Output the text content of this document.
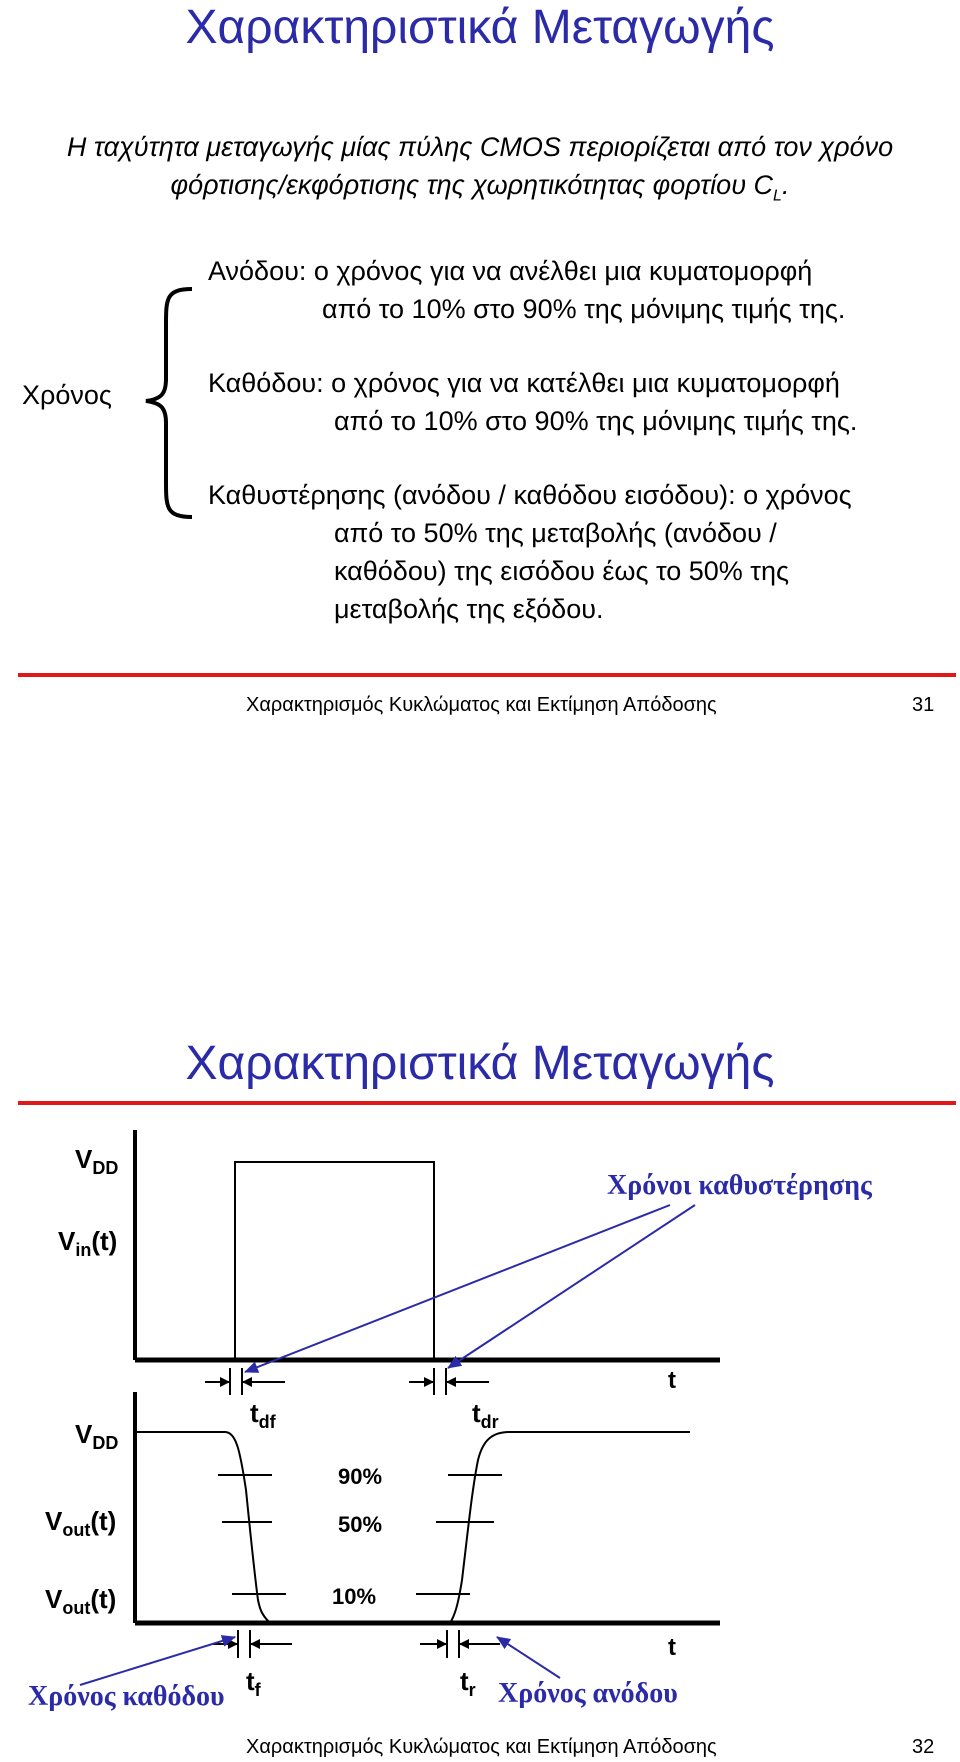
Χαρακτηριστικά Μεταγωγής
Η ταχύτητα μεταγωγής μίας πύλης CMOS περιορίζεται από τον χρόνο
φόρτισης/εκφόρτισης της χωρητικότητας φορτίου $C_L$.
Χρόνος
Ανόδου: ο χρόνος για να ανέλθει μια κυματομορφή
από το 10% στο 90% της μόνιμης τιμής της.
Καθόδου: ο χρόνος για να κατέλθει μια κυματομορφή
από το 10% στο 90% της μόνιμης τιμής της.
Καθυστέρησης (ανόδου / καθόδου εισόδου): ο χρόνος
από το 50% της μεταβολής (ανόδου /
καθόδου) της εισόδου έως το 50% της
μεταβολής της εξόδου.
Χαρακτηρισμός Κυκλώματος και Εκτίμηση Απόδοσης	31
Χαρακτηριστικά Μεταγωγής
$V_{DD}$
$V_{in}(t)$
t
$t_{df}$	$t_{dr}$
t
90%
50%
10%
$V_{DD}$
$V_{out}(t)$
$V_{out}(t)$
$t_f$	$t_r$
Χρόνοι καθυστέρησης
Χρόνος καθόδου	Χρόνος ανόδου
Χαρακτηρισμός Κυκλώματος και Εκτίμηση Απόδοσης	32
